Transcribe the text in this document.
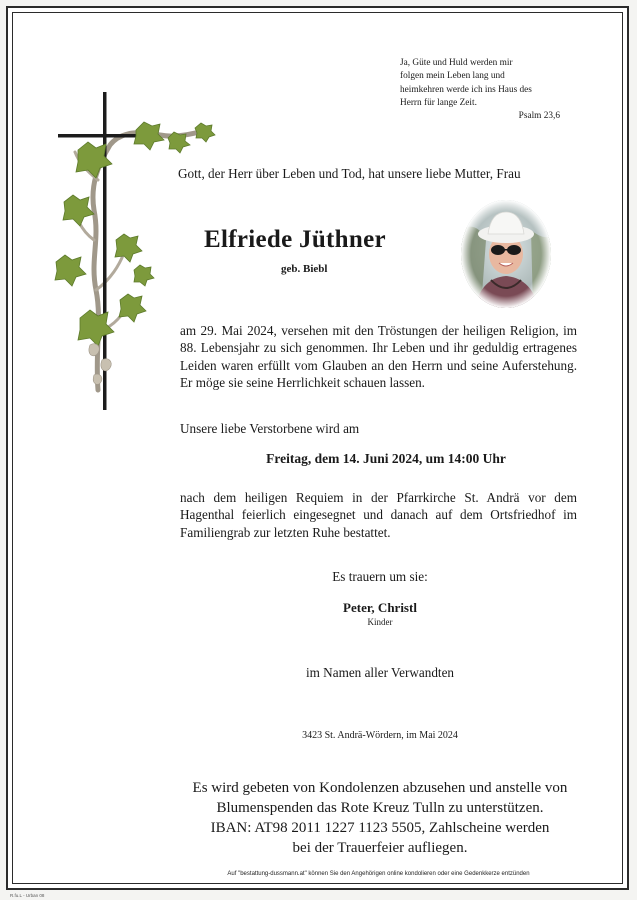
Ja, Güte und Huld werden mir
folgen mein Leben lang und
heimkehren werde ich ins Haus des
Herrn für lange Zeit.
Psalm 23,6
Gott, der Herr über Leben und Tod, hat unsere liebe Mutter, Frau
Elfriede Jüthner
geb. Biebl
am 29. Mai 2024, versehen mit den Tröstungen der heiligen Religion, im 88. Lebensjahr zu sich genommen. Ihr Leben und ihr geduldig ertragenes Leiden waren erfüllt vom Glauben an den Herrn und seine Auferstehung. Er möge sie seine Herrlichkeit schauen lassen.
Unsere liebe Verstorbene wird am
Freitag, dem 14. Juni 2024, um 14:00 Uhr
nach dem heiligen Requiem in der Pfarrkirche St. Andrä vor dem Hagenthal feierlich eingesegnet und danach auf dem Ortsfriedhof im Familiengrab zur letzten Ruhe bestattet.
Es trauern um sie:
Peter, Christl
Kinder
im Namen aller Verwandten
3423 St. Andrä-Wördern, im Mai 2024
Es wird gebeten von Kondolenzen abzusehen und anstelle von
Blumenspenden das Rote Kreuz Tulln zu unterstützen.
IBAN: AT98 2011 1227 1123 5505, Zahlscheine werden
bei der Trauerfeier aufliegen.
Auf "bestattung-dussmann.at" können Sie den Angehörigen online kondolieren oder eine Gedenkkerze entzünden
R.fu.L - Urban 08
